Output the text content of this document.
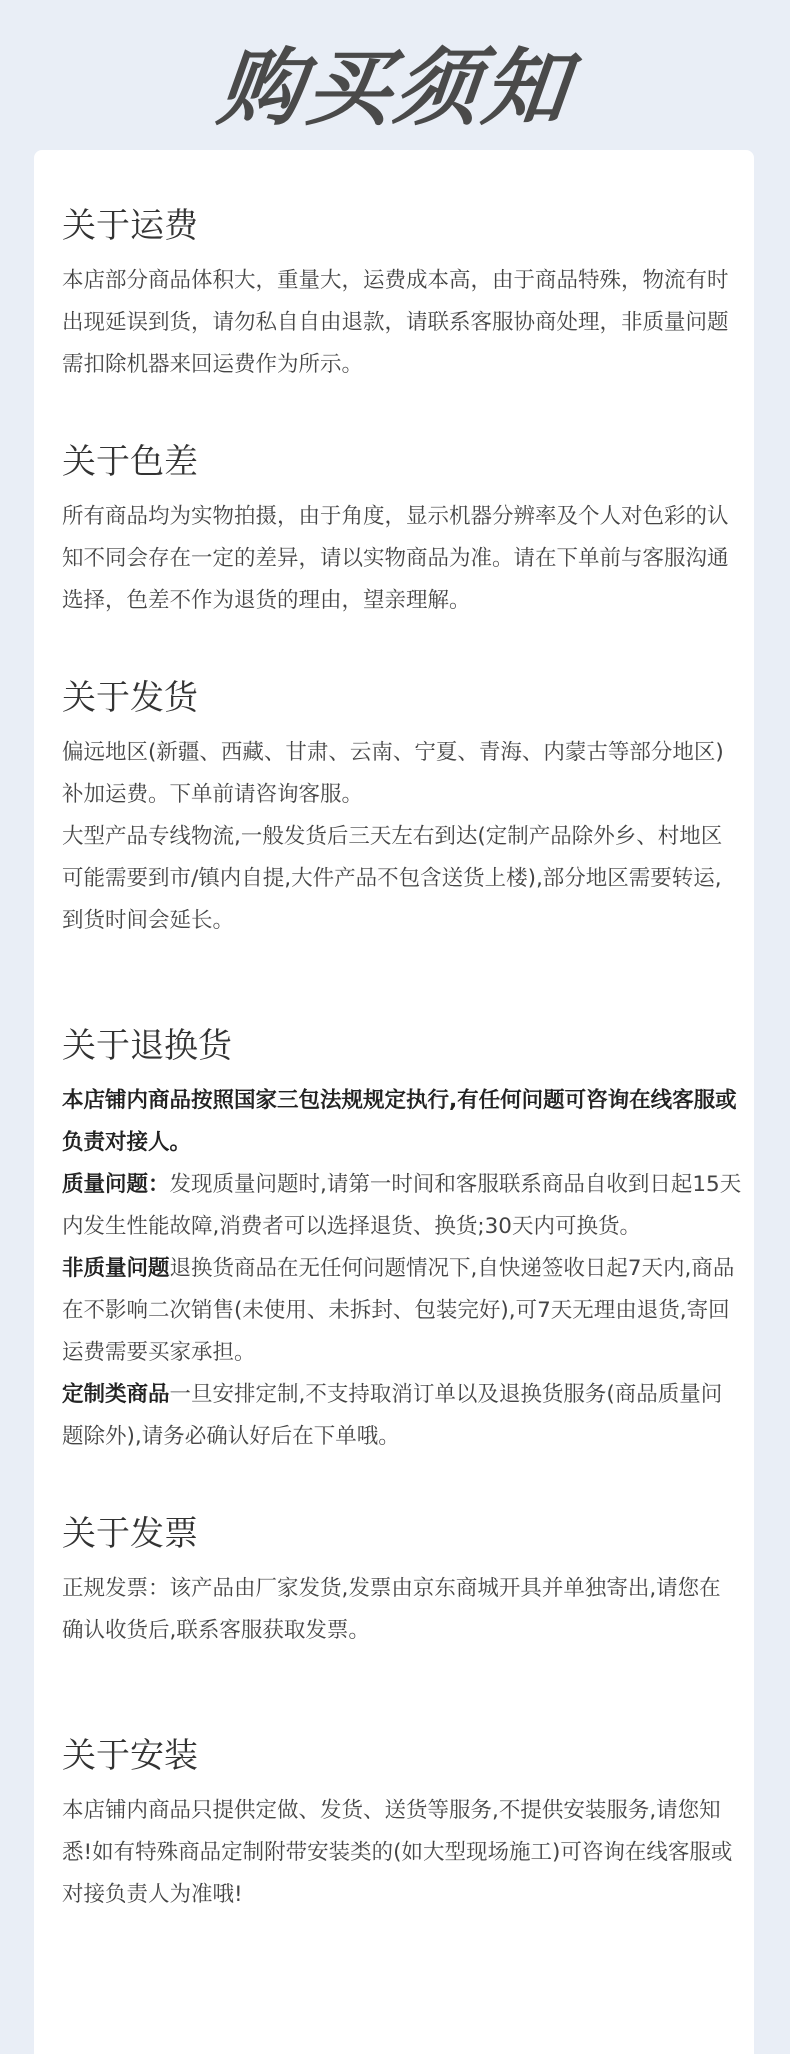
购买须知
关于运费

本店部分商品体积大，重量大，运费成本高，由于商品特殊，物流有时出现延误到货，请勿私自自由退款，请联系客服协商处理，非质量问题需扣除机器来回运费作为所示。

关于色差

所有商品均为实物拍摄，由于角度，显示机器分辨率及个人对色彩的认知不同会存在一定的差异，请以实物商品为准。请在下单前与客服沟通选择，色差不作为退货的理由，望亲理解。

关于发货

偏远地区(新疆、西藏、甘肃、云南、宁夏、青海、内蒙古等部分地区)补加运费。下单前请咨询客服。

大型产品专线物流,一般发货后三天左右到达(定制产品除外乡、村地区可能需要到市/镇内自提,大件产品不包含送货上楼),部分地区需要转运,到货时间会延长。

关于退换货

本店铺内商品按照国家三包法规规定执行,有任何问题可咨询在线客服或负责对接人。

质量问题：发现质量问题时,请第一时间和客服联系商品自收到日起15天内发生性能故障,消费者可以选择退货、换货;30天内可换货。

非质量问题退换货商品在无任何问题情况下,自快递签收日起7天内,商品在不影响二次销售(未使用、未拆封、包装完好),可7天无理由退货,寄回运费需要买家承担。

定制类商品一旦安排定制,不支持取消订单以及退换货服务(商品质量问题除外),请务必确认好后在下单哦。

关于发票

正规发票：该产品由厂家发货,发票由京东商城开具并单独寄出,请您在确认收货后,联系客服获取发票。

关于安装

本店铺内商品只提供定做、发货、送货等服务,不提供安装服务,请您知悉!如有特殊商品定制附带安装类的(如大型现场施工)可咨询在线客服或对接负责人为准哦!
